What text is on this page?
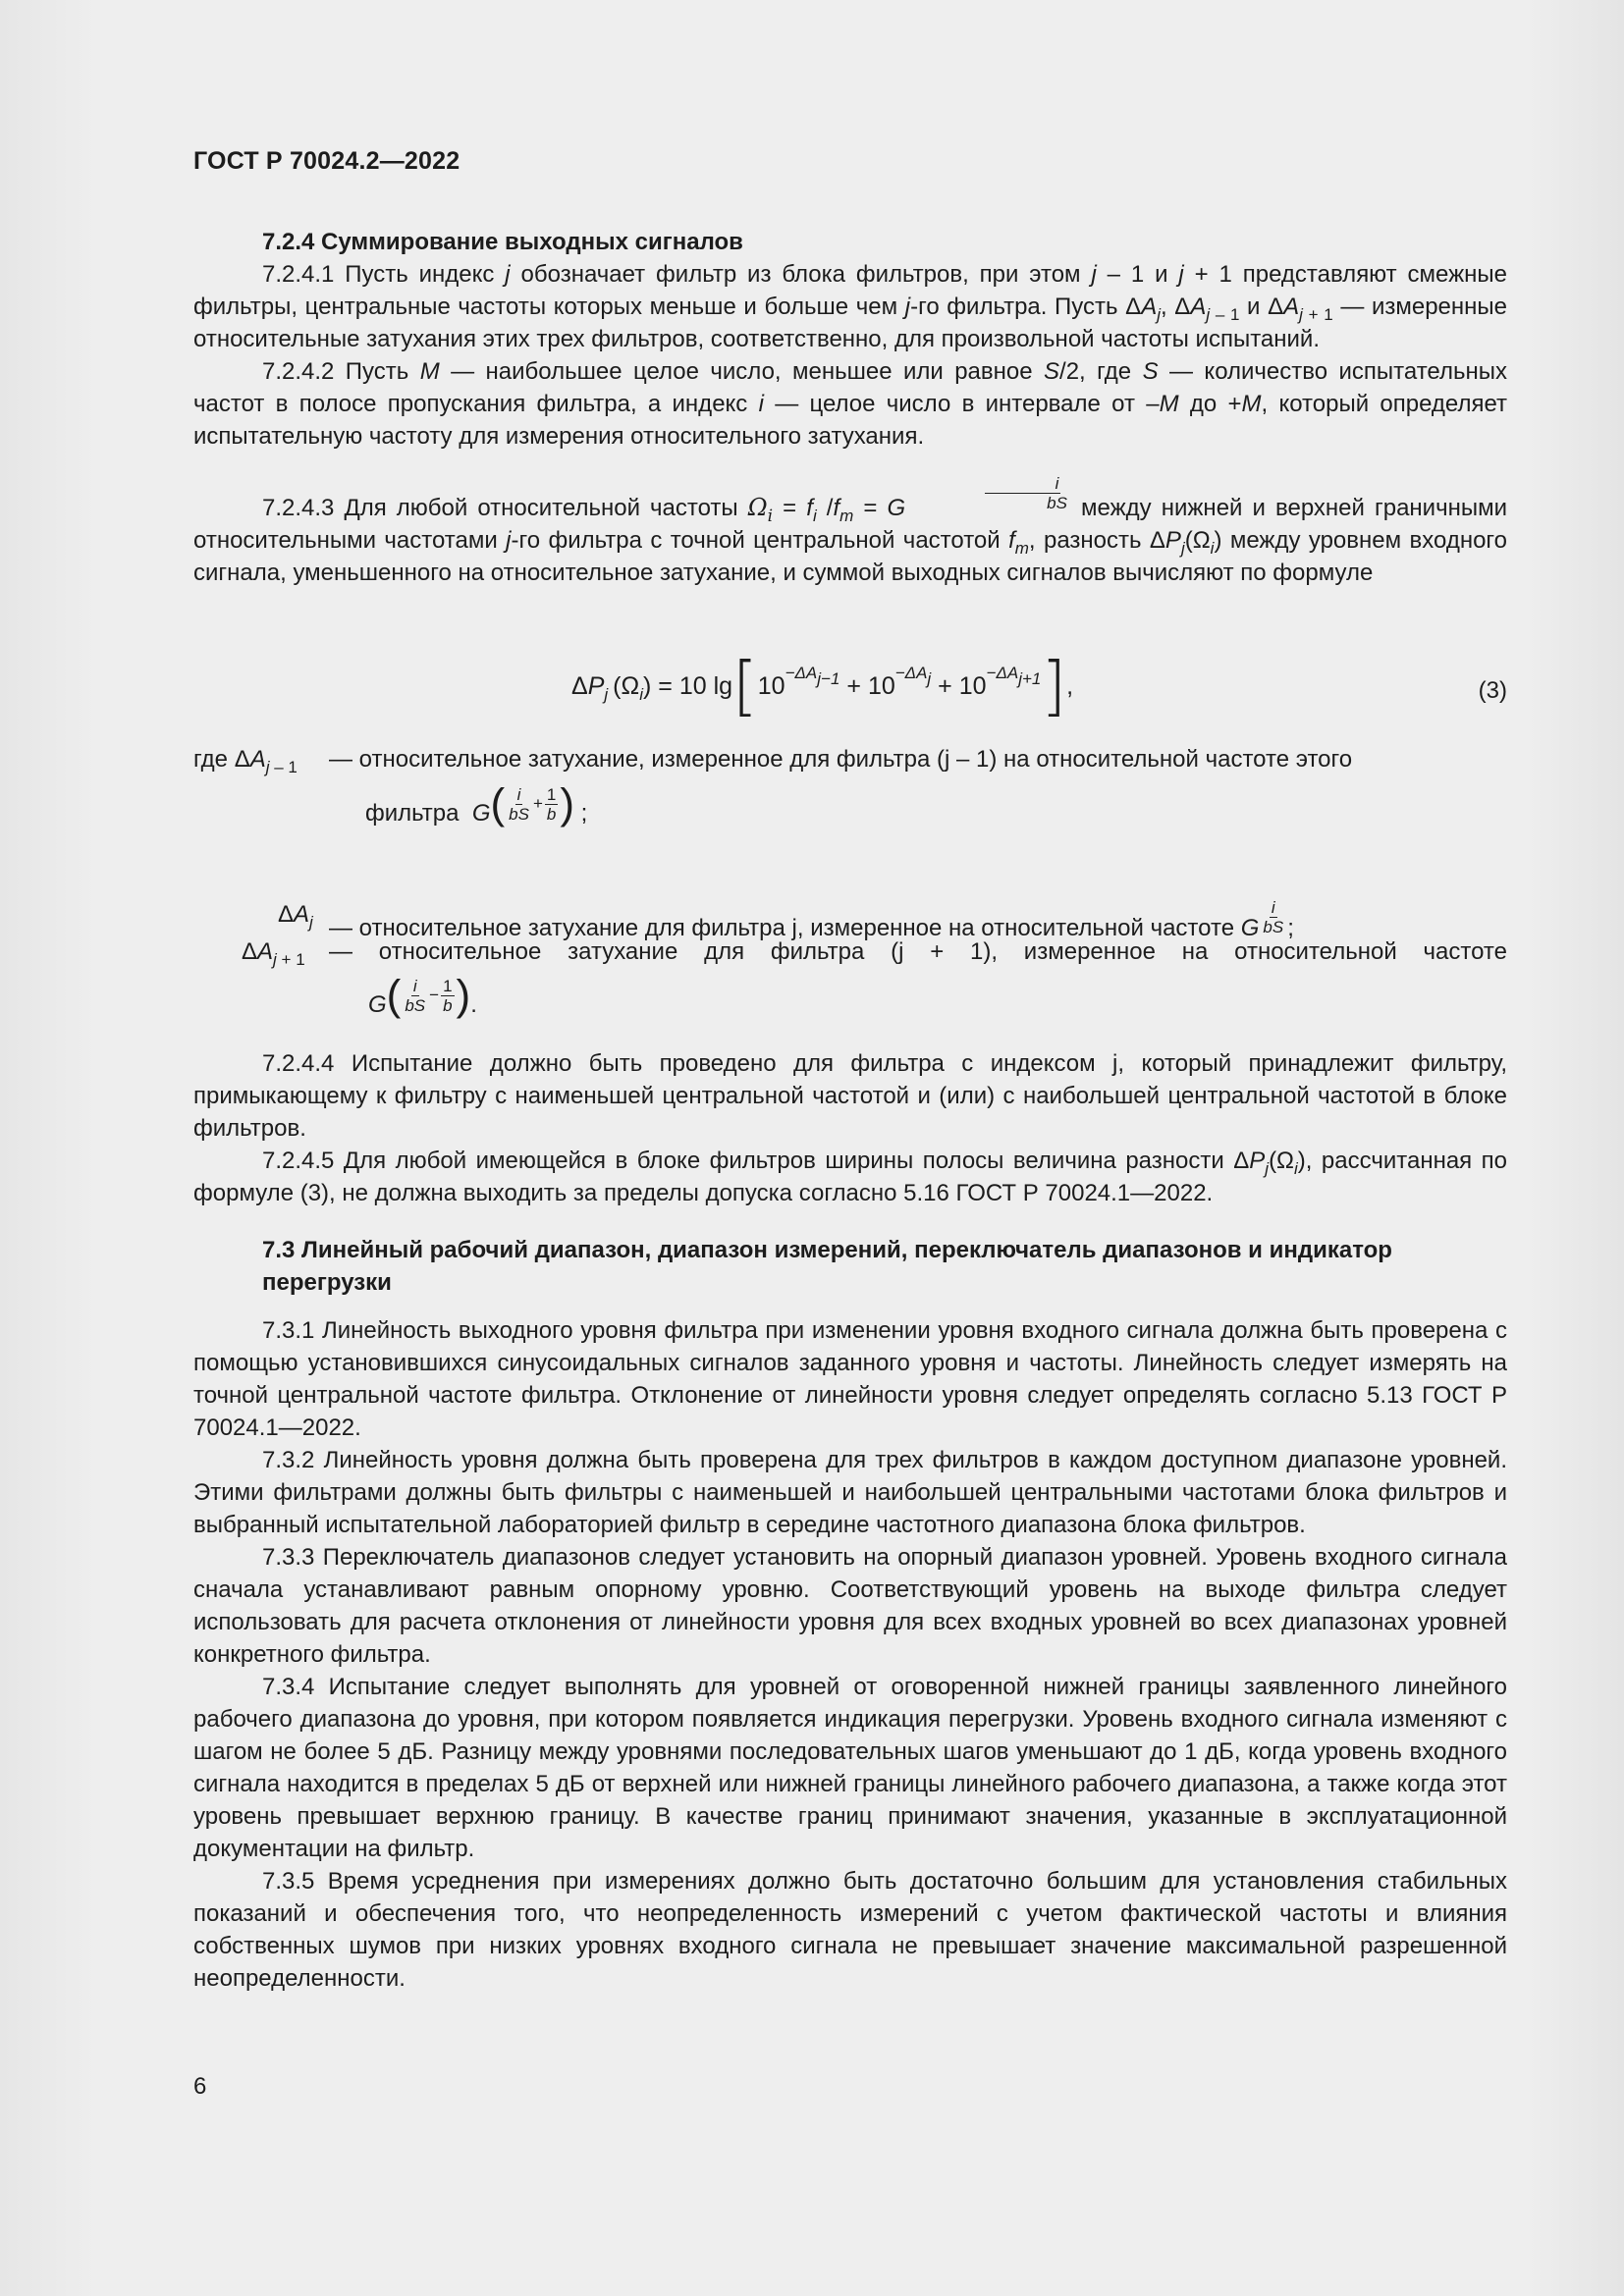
ГОСТ Р 70024.2—2022

7.2.4 Суммирование выходных сигналов

7.2.4.1 Пусть индекс j обозначает фильтр из блока фильтров, при этом j – 1 и j + 1 представляют смежные фильтры, центральные частоты которых меньше и больше чем j-го фильтра. Пусть $\Delta A_j$, $\Delta A_{j - 1}$ и $\Delta A_{j + 1}$ — измеренные относительные затухания этих трех фильтров, соответственно, для произвольной частоты испытаний.

7.2.4.2 Пусть M — наибольшее целое число, меньшее или равное S/2, где S — количество испытательных частот в полосе пропускания фильтра, а индекс i — целое число в интервале от –M до +M, который определяет испытательную частоту для измерения относительного затухания.

7.2.4.3 Для любой относительной частоты $\Omega_i = f_i$ $/f_m = G$	$\frac{i}{bS}$ между нижней и верхней граничными относительными частотами j-го фильтра с точной центральной частотой $f_m$, разность $\Delta P_j(\Omega_i)$ между уровнем входного сигнала, уменьшенного на относительное затухание, и суммой выходных сигналов вычисляют по формуле

$\Delta P_j$ $(\Omega_i) = 10$ $\lg[10-\Delta A_{j-1} + 10-\Delta A_j + 10-\Delta A_{j+1}]$,	(3)
где $\Delta A_{j - 1}$ — относительное затухание, измеренное для фильтра (j – 1) на относительной частоте этого
фильтра $G( \frac{i}{bS} + \frac{1}{b}$ ) ;
$\Delta A_j$ — относительное затухание для фильтра j, измеренное на относительной частоте G $\frac{i}{bS}$ ;
$\Delta A_{j + 1}$ — относительное затухание для фильтра (j + 1), измеренное на относительной частоте
$G( \frac{i}{bS} - \frac{1}{b}$ ).

7.2.4.4 Испытание должно быть проведено для фильтра с индексом j, который принадлежит фильтру, примыкающему к фильтру с наименьшей центральной частотой и (или) с наибольшей центральной частотой в блоке фильтров.

7.2.4.5 Для любой имеющейся в блоке фильтров ширины полосы величина разности $\Delta P_j(\Omega_i)$, рассчитанная по формуле (3), не должна выходить за пределы допуска согласно 5.16 ГОСТ Р 70024.1—2022.

7.3 Линейный рабочий диапазон, диапазон измерений, переключатель диапазонов и индикатор перегрузки

7.3.1 Линейность выходного уровня фильтра при изменении уровня входного сигнала должна быть проверена с помощью установившихся синусоидальных сигналов заданного уровня и частоты. Линейность следует измерять на точной центральной частоте фильтра. Отклонение от линейности уровня следует определять согласно 5.13 ГОСТ Р 70024.1—2022.

7.3.2 Линейность уровня должна быть проверена для трех фильтров в каждом доступном диапазоне уровней. Этими фильтрами должны быть фильтры с наименьшей и наибольшей центральными частотами блока фильтров и выбранный испытательной лабораторией фильтр в середине частотного диапазона блока фильтров.

7.3.3 Переключатель диапазонов следует установить на опорный диапазон уровней. Уровень входного сигнала сначала устанавливают равным опорному уровню. Соответствующий уровень на выходе фильтра следует использовать для расчета отклонения от линейности уровня для всех входных уровней во всех диапазонах уровней конкретного фильтра.

7.3.4 Испытание следует выполнять для уровней от оговоренной нижней границы заявленного линейного рабочего диапазона до уровня, при котором появляется индикация перегрузки. Уровень входного сигнала изменяют с шагом не более 5 дБ. Разницу между уровнями последовательных шагов уменьшают до 1 дБ, когда уровень входного сигнала находится в пределах 5 дБ от верхней или нижней границы линейного рабочего диапазона, а также когда этот уровень превышает верхнюю границу. В качестве границ принимают значения, указанные в эксплуатационной документации на фильтр.

7.3.5 Время усреднения при измерениях должно быть достаточно большим для установления стабильных показаний и обеспечения того, что неопределенность измерений с учетом фактической частоты и влияния собственных шумов при низких уровнях входного сигнала не превышает значение максимальной разрешенной неопределенности.

6
